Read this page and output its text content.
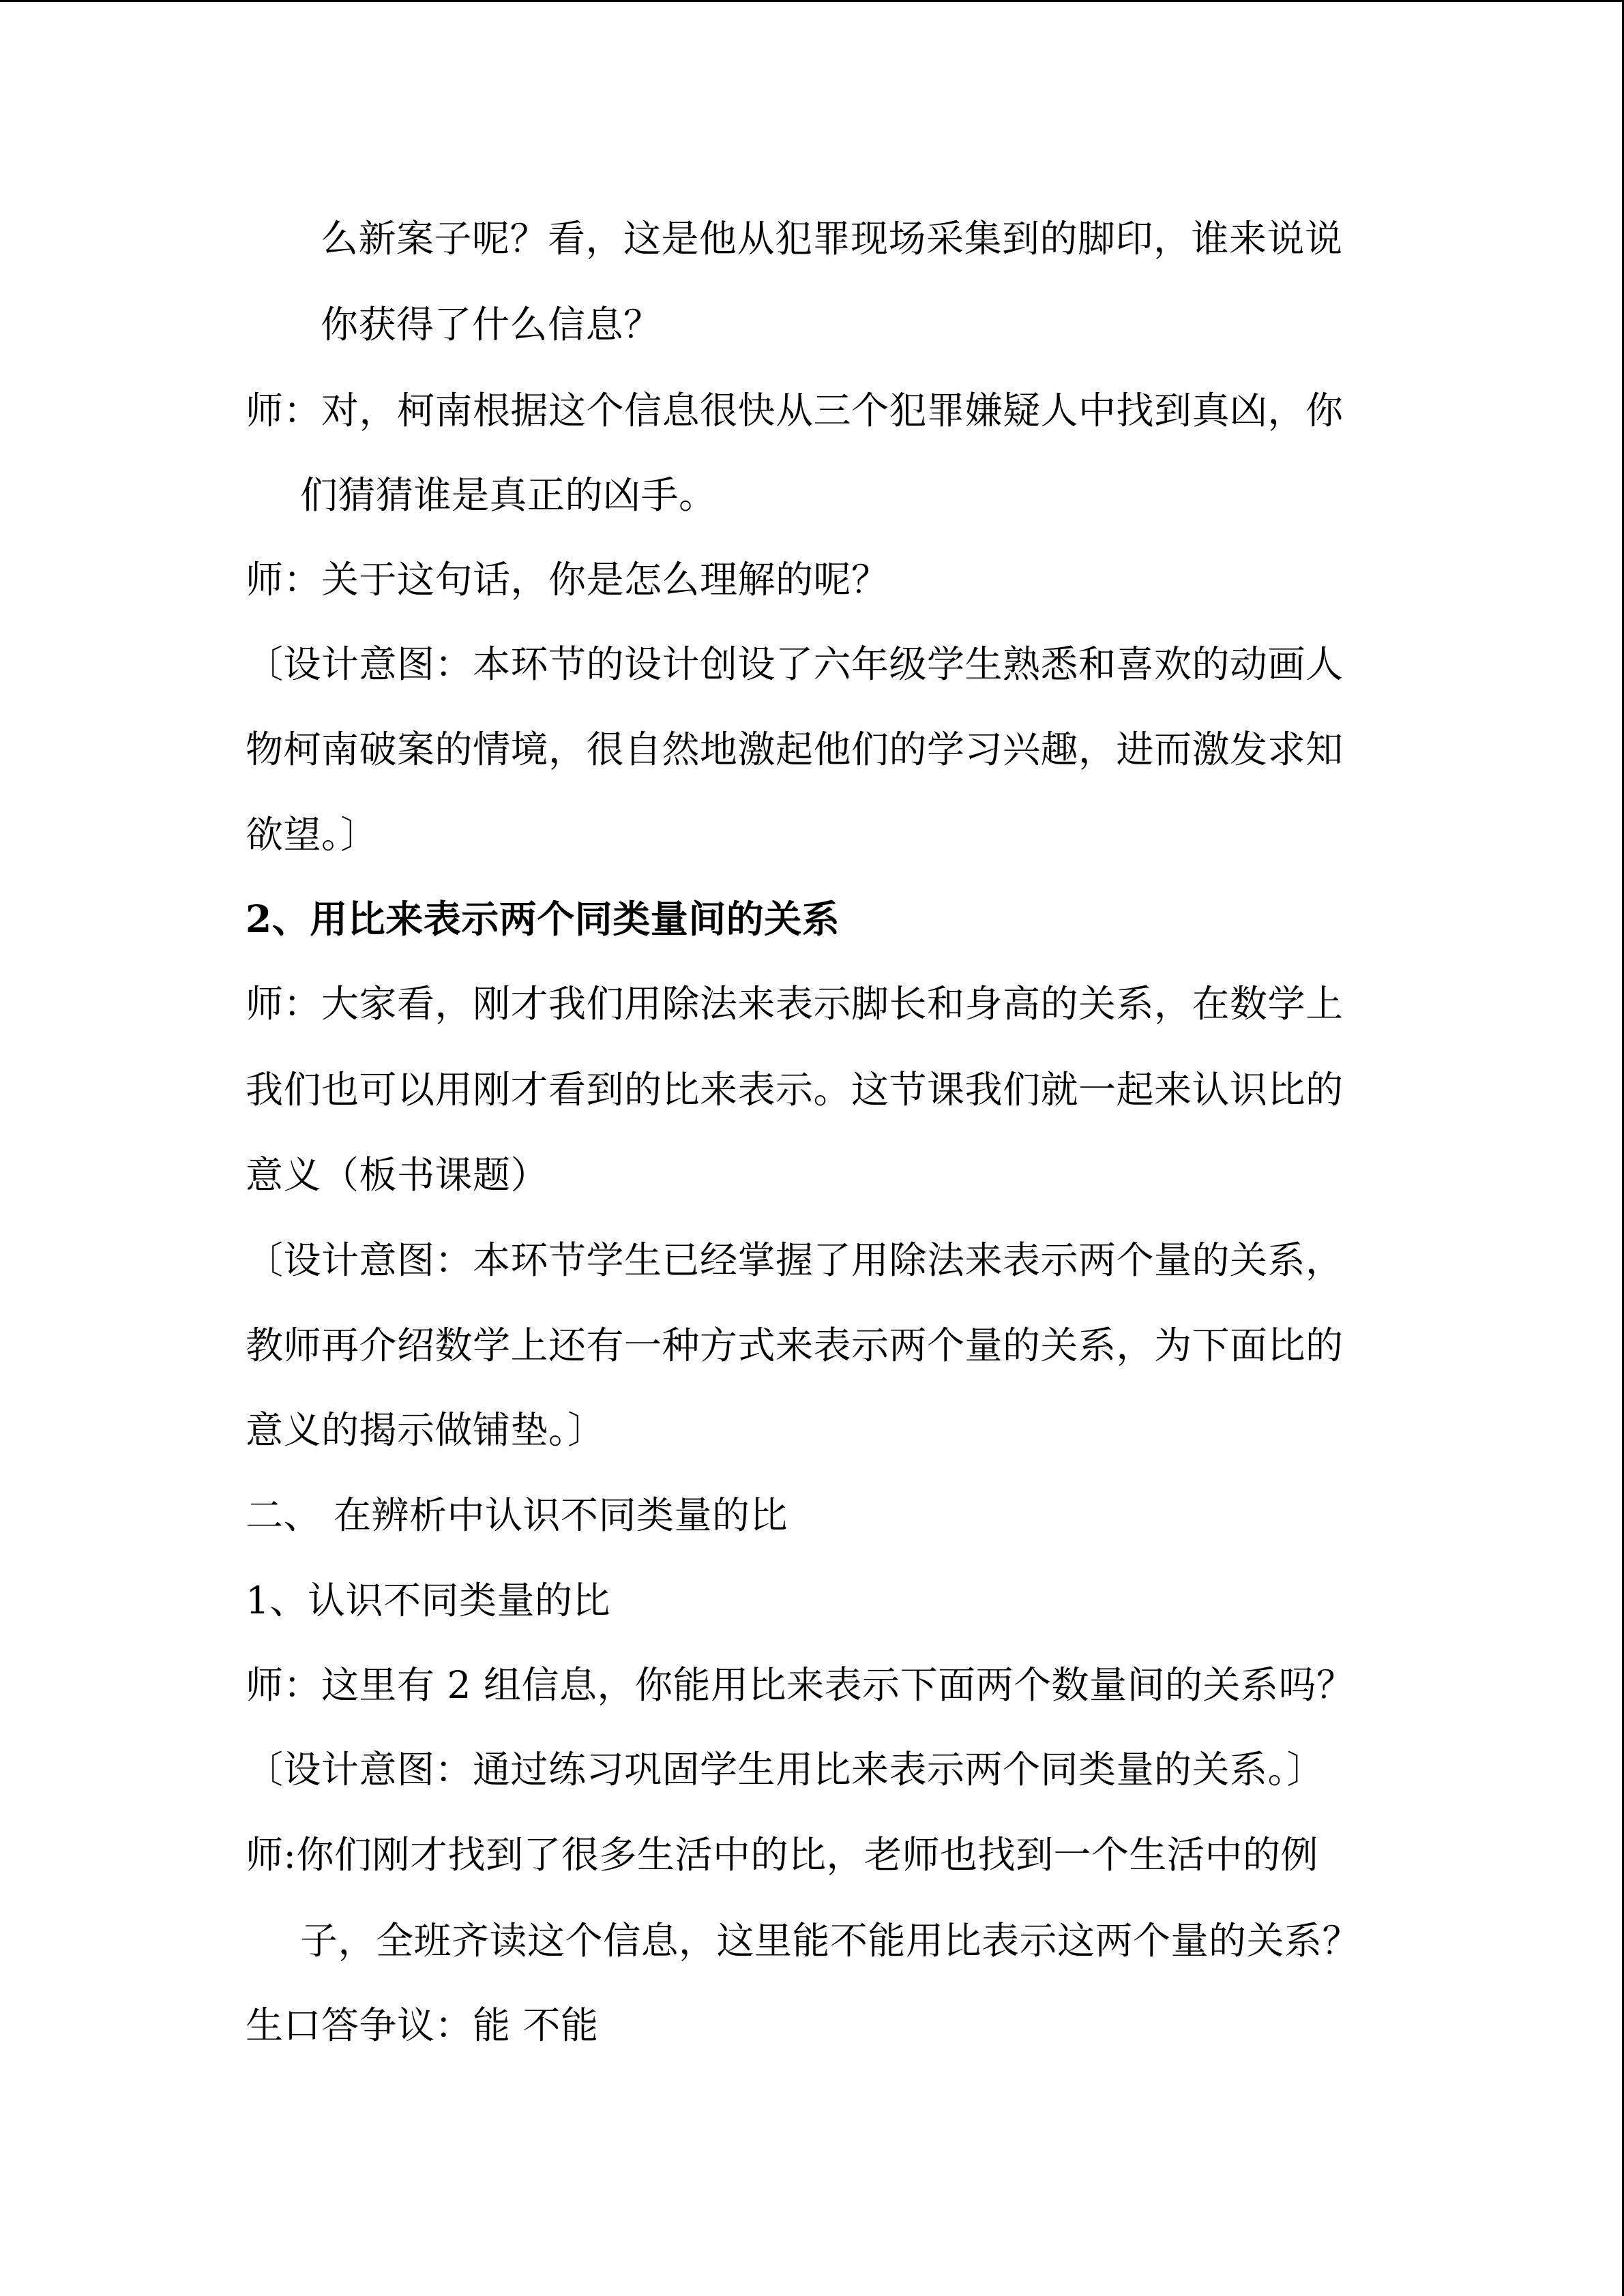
么新案子呢？看，这是他从犯罪现场采集到的脚印，谁来说说
你获得了什么信息？
师：对，柯南根据这个信息很快从三个犯罪嫌疑人中找到真凶，你
们猜猜谁是真正的凶手。
师：关于这句话，你是怎么理解的呢？
〔设计意图：本环节的设计创设了六年级学生熟悉和喜欢的动画人
物柯南破案的情境，很自然地激起他们的学习兴趣，进而激发求知
欲望。〕
2、用比来表示两个同类量间的关系
师：大家看，刚才我们用除法来表示脚长和身高的关系，在数学上
我们也可以用刚才看到的比来表示。这节课我们就一起来认识比的
意义（板书课题）
〔设计意图：本环节学生已经掌握了用除法来表示两个量的关系，
教师再介绍数学上还有一种方式来表示两个量的关系，为下面比的
意义的揭示做铺垫。〕
二、 在辨析中认识不同类量的比
1、认识不同类量的比
师：这里有 2 组信息，你能用比来表示下面两个数量间的关系吗？
〔设计意图：通过练习巩固学生用比来表示两个同类量的关系。〕
师:你们刚才找到了很多生活中的比，老师也找到一个生活中的例
子，全班齐读这个信息，这里能不能用比表示这两个量的关系？
生口答争议：能 不能
